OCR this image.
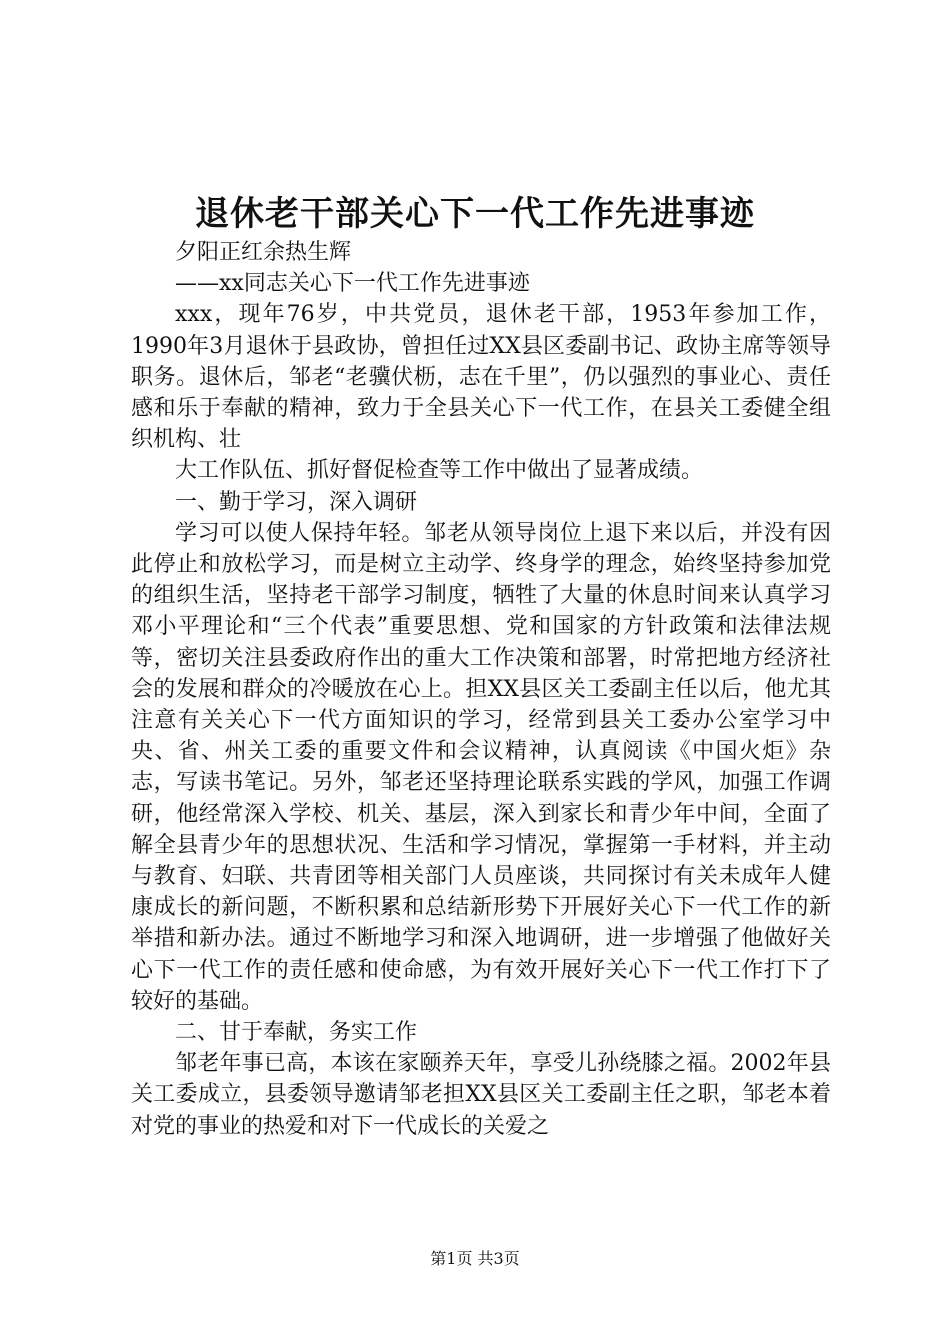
退休老干部关心下一代工作先进事迹

夕阳正红余热生辉

——xx同志关心下一代工作先进事迹

xxx，现年76岁，中共党员，退休老干部，1953年参加工作，1990年3月退休于县政协，曾担任过XX县区委副书记、政协主席等领导职务。退休后，邹老“老骥伏枥，志在千里”，仍以强烈的事业心、责任感和乐于奉献的精神，致力于全县关心下一代工作，在县关工委健全组织机构、壮

大工作队伍、抓好督促检查等工作中做出了显著成绩。

一、勤于学习，深入调研

学习可以使人保持年轻。邹老从领导岗位上退下来以后，并没有因此停止和放松学习，而是树立主动学、终身学的理念，始终坚持参加党的组织生活，坚持老干部学习制度，牺牲了大量的休息时间来认真学习邓小平理论和“三个代表”重要思想、党和国家的方针政策和法律法规等，密切关注县委政府作出的重大工作决策和部署，时常把地方经济社会的发展和群众的冷暖放在心上。担XX县区关工委副主任以后，他尤其注意有关关心下一代方面知识的学习，经常到县关工委办公室学习中央、省、州关工委的重要文件和会议精神，认真阅读《中国火炬》杂志，写读书笔记。另外，邹老还坚持理论联系实践的学风，加强工作调研，他经常深入学校、机关、基层，深入到家长和青少年中间，全面了解全县青少年的思想状况、生活和学习情况，掌握第一手材料，并主动与教育、妇联、共青团等相关部门人员座谈，共同探讨有关未成年人健康成长的新问题，不断积累和总结新形势下开展好关心下一代工作的新举措和新办法。通过不断地学习和深入地调研，进一步增强了他做好关心下一代工作的责任感和使命感，为有效开展好关心下一代工作打下了较好的基础。

二、甘于奉献，务实工作

邹老年事已高，本该在家颐养天年，享受儿孙绕膝之福。2002年县关工委成立，县委领导邀请邹老担XX县区关工委副主任之职，邹老本着对党的事业的热爱和对下一代成长的关爱之

第1页 共3页
